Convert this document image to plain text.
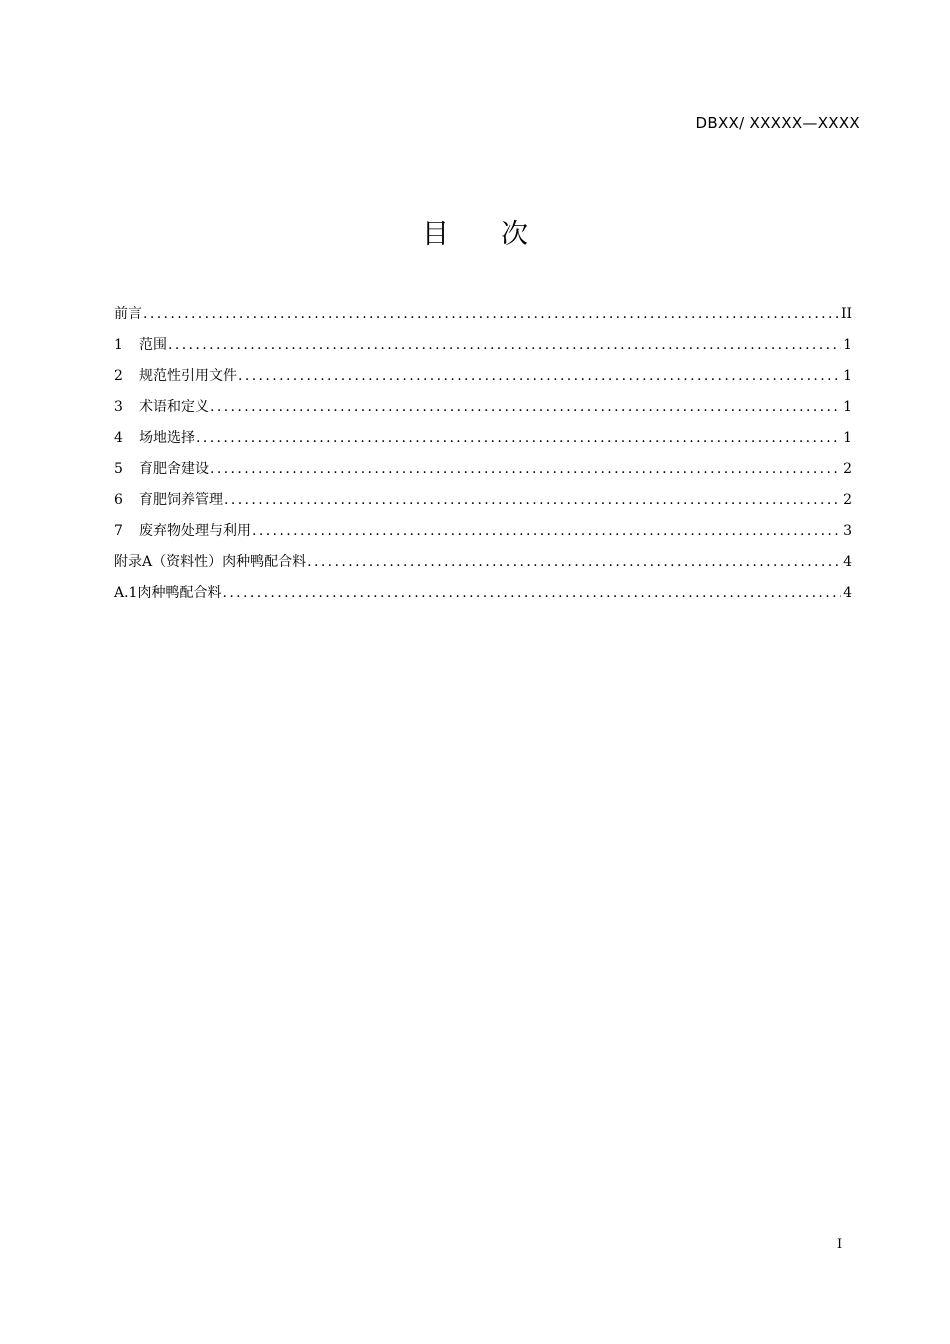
DBXX/ XXXXX—XXXX
目 次
前言 .....	II
1	范围 .....	1
2	规范性引用文件 .....	1
3	术语和定义 .....	1
4	场地选择 .....	1
5	育肥舍建设 .....	2
6	育肥饲养管理 .....	2
7	废弃物处理与利用 .....	3
附录A（资料性）肉种鸭配合料 .....	4
A.1肉种鸭配合料 .....	4
I
